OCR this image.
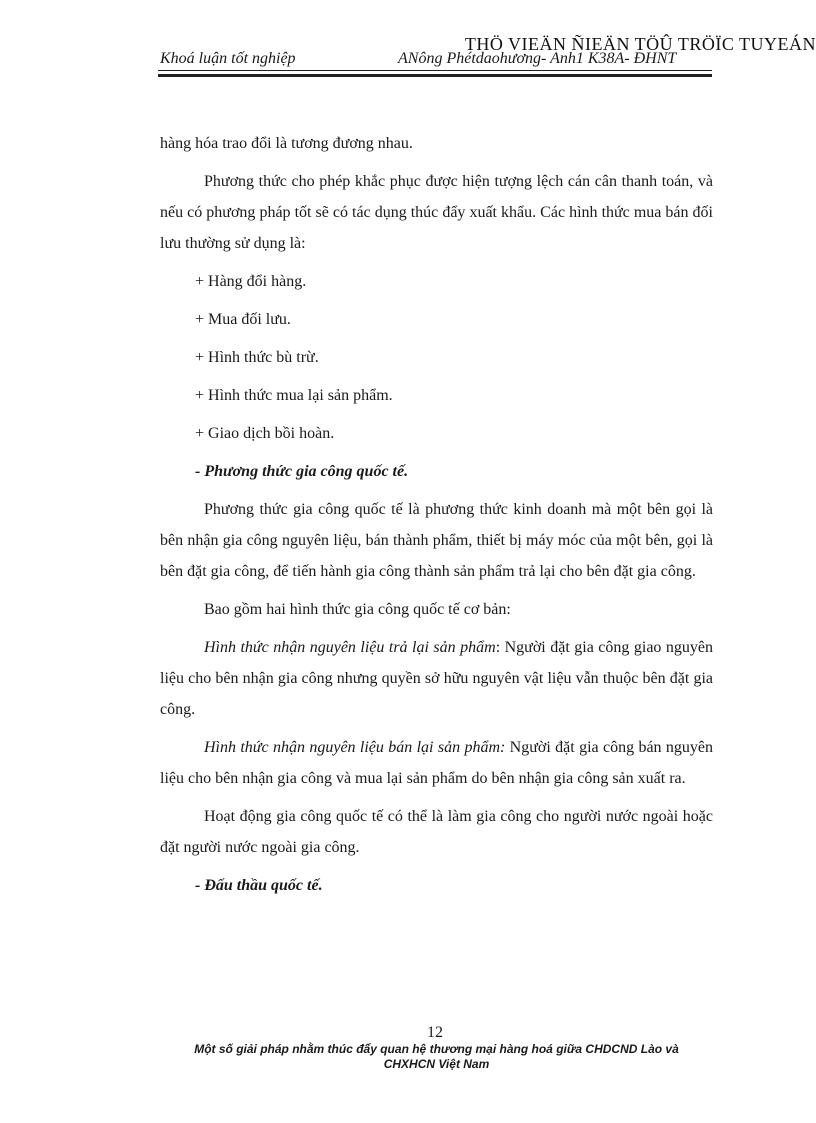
THÖ VIEÄN ÑIEÄN TÖÛ TRÖÏC TUYEÁN
Khoá luận tốt nghiệp	ANông Phétdaohương- Anh1 K38A- ĐHNT

hàng hóa trao đổi là tương đương nhau.

Phương thức cho phép khắc phục được hiện tượng lệch cán cân thanh toán, và nếu có phương pháp tốt sẽ có tác dụng thúc đẩy xuất khẩu. Các hình thức mua bán đối lưu thường sử dụng là:

+ Hàng đổi hàng.
+ Mua đối lưu.
+ Hình thức bù trừ.
+ Hình thức mua lại sản phẩm.
+ Giao dịch bồi hoàn.
- Phương thức gia công quốc tế.

Phương thức gia công quốc tế là phương thức kinh doanh mà một bên gọi là bên nhận gia công nguyên liệu, bán thành phẩm, thiết bị máy móc của một bên, gọi là bên đặt gia công, để tiến hành gia công thành sản phẩm trả lại cho bên đặt gia công.

Bao gồm hai hình thức gia công quốc tế cơ bản:

Hình thức nhận nguyên liệu trả lại sản phẩm: Người đặt gia công giao nguyên liệu cho bên nhận gia công nhưng quyền sở hữu nguyên vật liệu vẫn thuộc bên đặt gia công.

Hình thức nhận nguyên liệu bán lại sản phẩm: Người đặt gia công bán nguyên liệu cho bên nhận gia công và mua lại sản phẩm do bên nhận gia công sản xuất ra.

Hoạt động gia công quốc tế có thể là làm gia công cho người nước ngoài hoặc đặt người nước ngoài gia công.

- Đấu thầu quốc tế.
12
Một số giải pháp nhằm thúc đẩy quan hệ thương mại hàng hoá giữa CHDCND Lào và
CHXHCN Việt Nam
